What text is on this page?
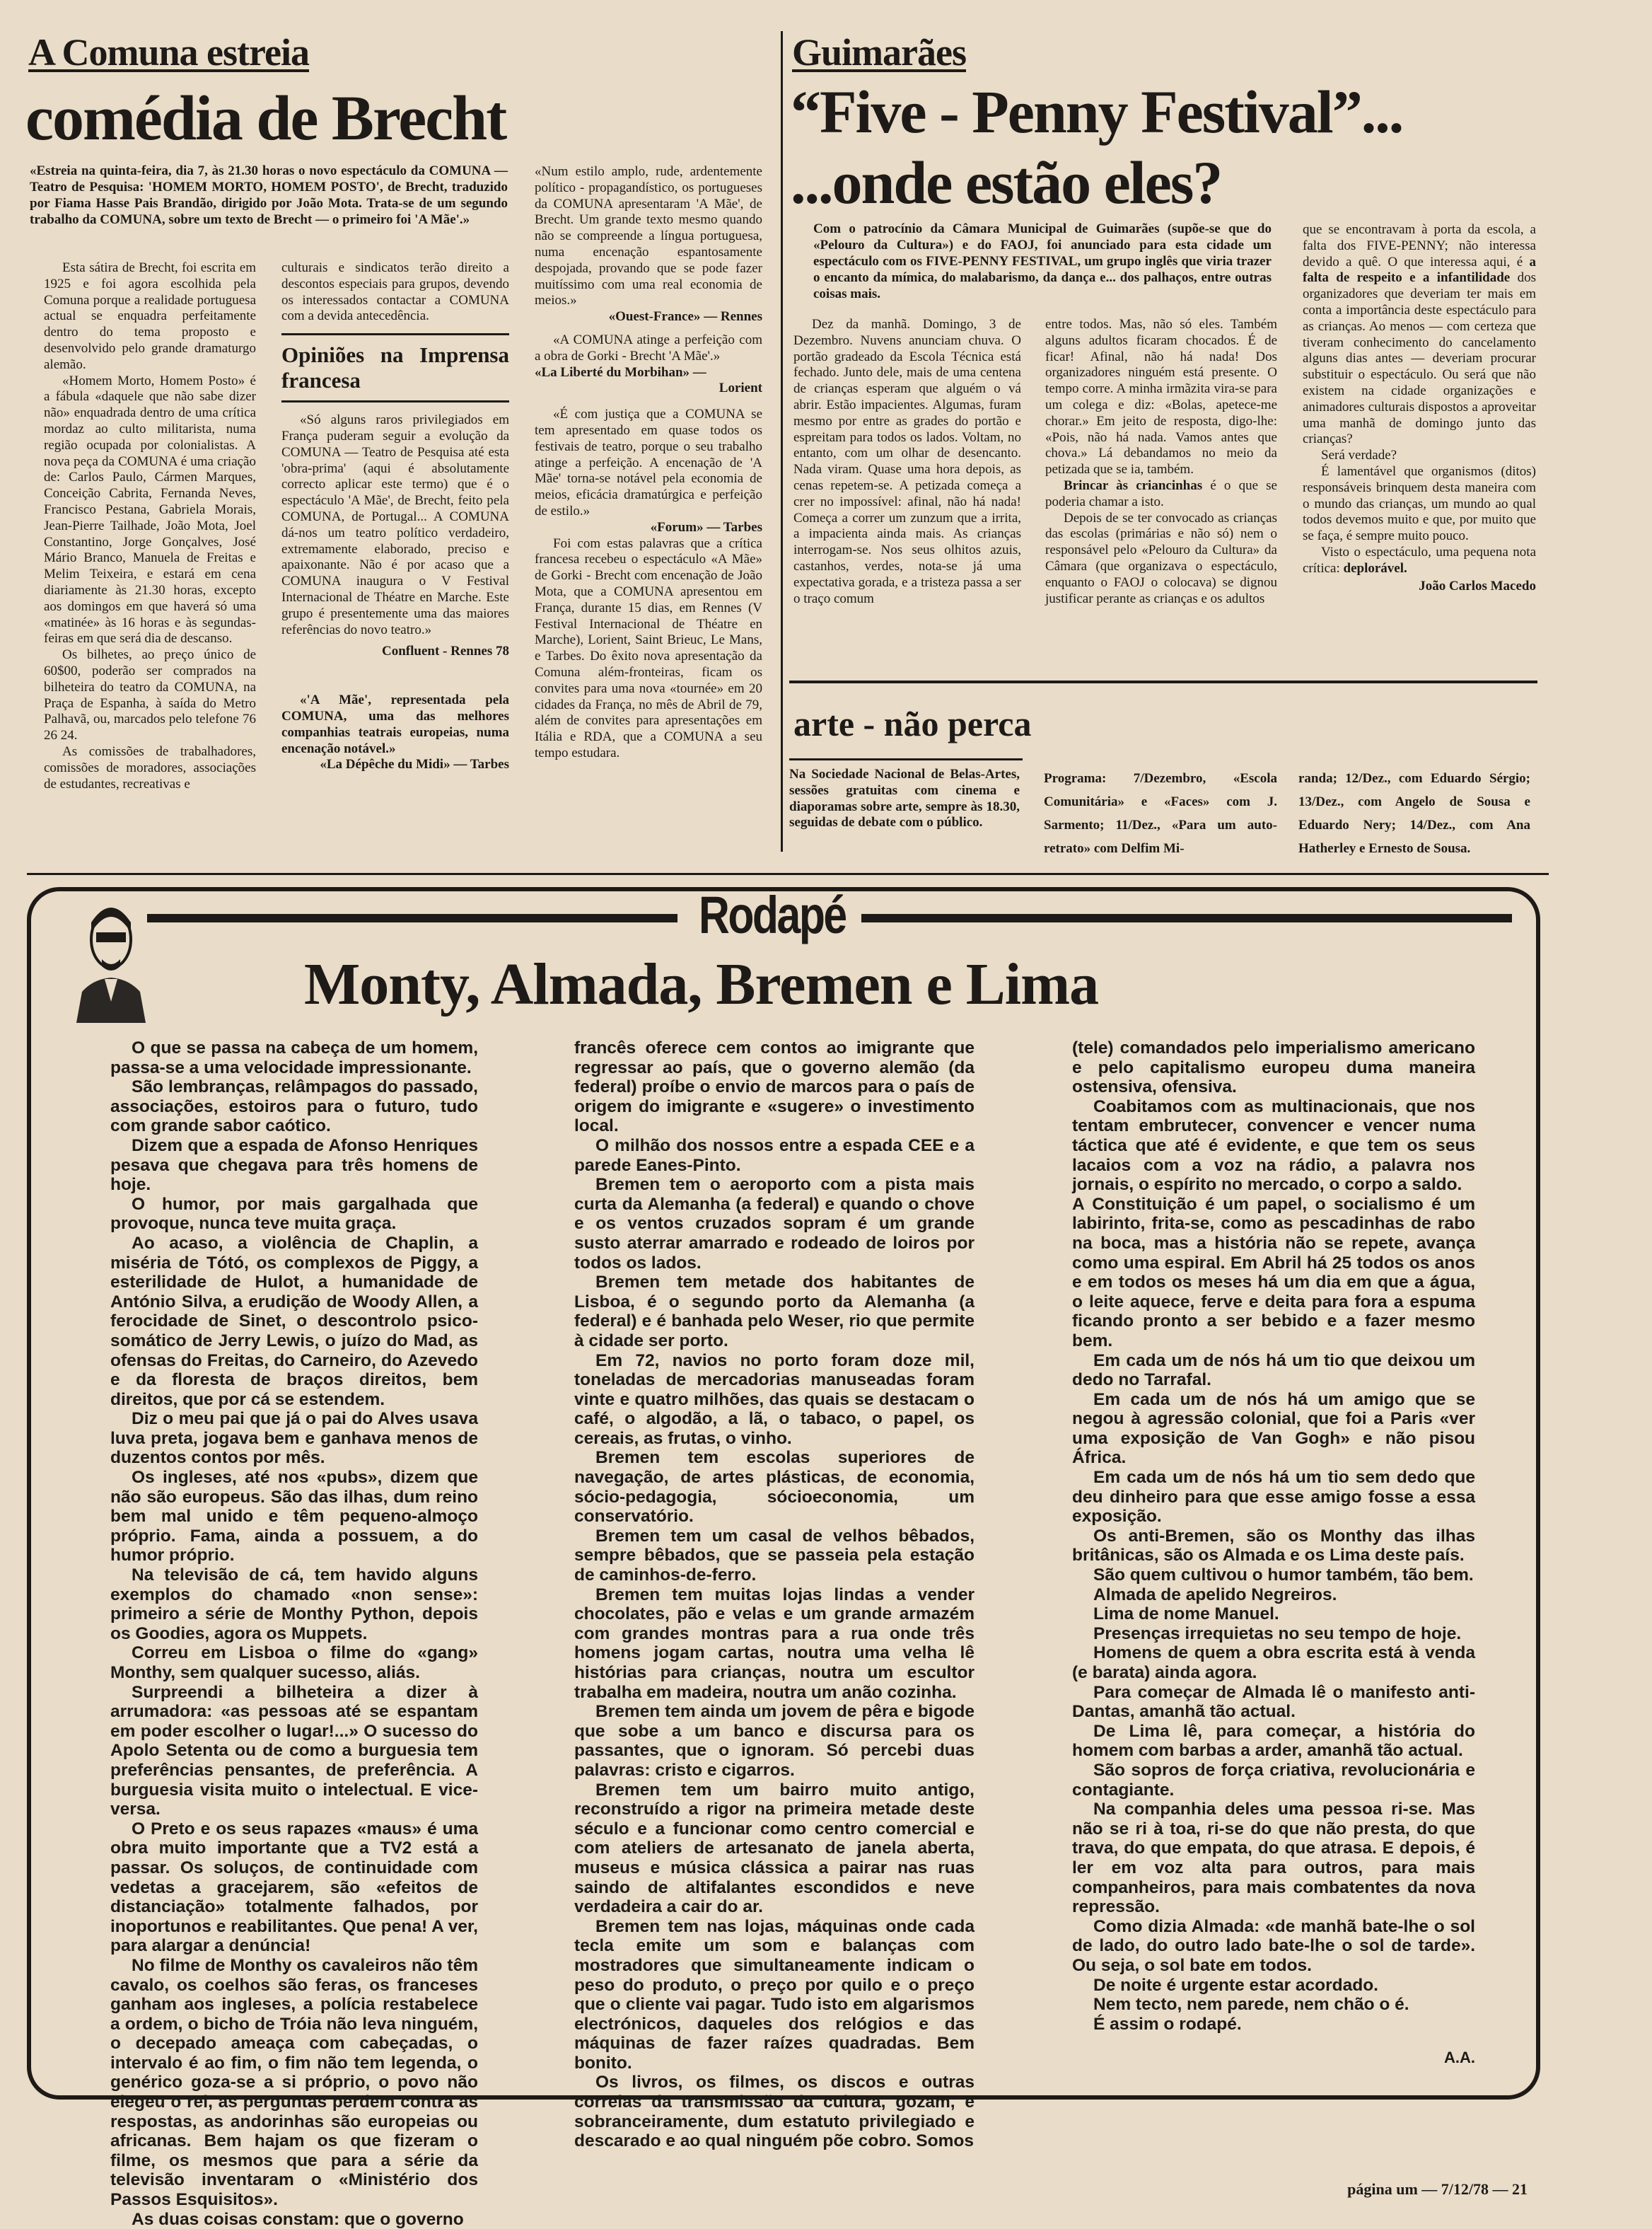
A Comuna estreia
comédia de Brecht
«Estreia na quinta-feira, dia 7, às 21.30 horas o novo espectáculo da COMUNA — Teatro de Pesquisa: 'HOMEM MORTO, HOMEM POSTO', de Brecht, traduzido por Fiama Hasse Pais Brandão, dirigido por João Mota. Trata-se de um segundo trabalho da COMUNA, sobre um texto de Brecht — o primeiro foi 'A Mãe'.»

Esta sátira de Brecht, foi escrita em 1925 e foi agora escolhida pela Comuna porque a realidade portuguesa actual se enquadra perfeitamente dentro do tema proposto e desenvolvido pelo grande dramaturgo alemão.

«Homem Morto, Homem Posto» é a fábula «daquele que não sabe dizer não» enquadrada dentro de uma crítica mordaz ao culto militarista, numa região ocupada por colonialistas. A nova peça da COMUNA é uma criação de: Carlos Paulo, Cármen Marques, Conceição Cabrita, Fernanda Neves, Francisco Pestana, Gabriela Morais, Jean-Pierre Tailhade, João Mota, Joel Constantino, Jorge Gonçalves, José Mário Branco, Manuela de Freitas e Melim Teixeira, e estará em cena diariamente às 21.30 horas, excepto aos domingos em que haverá só uma «matinée» às 16 horas e às segundas-feiras em que será dia de descanso.

Os bilhetes, ao preço único de 60$00, poderão ser comprados na bilheteira do teatro da COMUNA, na Praça de Espanha, à saída do Metro Palhavã, ou, marcados pelo telefone 76 26 24.

As comissões de trabalhadores, comissões de moradores, associações de estudantes, recreativas e

culturais e sindicatos terão direito a descontos especiais para grupos, devendo os interessados contactar a COMUNA com a devida antecedência.

Opiniões na Imprensa francesa

«Só alguns raros privilegiados em França puderam seguir a evolução da COMUNA — Teatro de Pesquisa até esta 'obra-prima' (aqui é absolutamente correcto aplicar este termo) que é o espectáculo 'A Mãe', de Brecht, feito pela COMUNA, de Portugal... A COMUNA dá-nos um teatro político verdadeiro, extremamente elaborado, preciso e apaixonante. Não é por acaso que a COMUNA inaugura o V Festival Internacional de Théatre en Marche. Este grupo é presentemente uma das maiores referências do novo teatro.»

Confluent - Rennes 78

«'A Mãe', representada pela COMUNA, uma das melhores companhias teatrais europeias, numa encenação notável.»

«La Dépêche du Midi» — Tarbes

«Num estilo amplo, rude, ardentemente político - propagandístico, os portugueses da COMUNA apresentaram 'A Mãe', de Brecht. Um grande texto mesmo quando não se compreende a língua portuguesa, numa encenação espantosamente despojada, provando que se pode fazer muitíssimo com uma real economia de meios.»

«Ouest-France» — Rennes

«A COMUNA atinge a perfeição com a obra de Gorki - Brecht 'A Mãe'.»

«La Liberté du Morbihan» —
Lorient

«É com justiça que a COMUNA se tem apresentado em quase todos os festivais de teatro, porque o seu trabalho atinge a perfeição. A encenação de 'A Mãe' torna-se notável pela economia de meios, eficácia dramatúrgica e perfeição de estilo.»

«Forum» — Tarbes

Foi com estas palavras que a crítica francesa recebeu o espectáculo «A Mãe» de Gorki - Brecht com encenação de João Mota, que a COMUNA apresentou em França, durante 15 dias, em Rennes (V Festival Internacional de Théatre en Marche), Lorient, Saint Brieuc, Le Mans, e Tarbes. Do êxito nova apresentação da Comuna além-fronteiras, ficam os convites para uma nova «tournée» em 20 cidades da França, no mês de Abril de 79, além de convites para apresentações em Itália e RDA, que a COMUNA a seu tempo estudara.

Guimarães
“Five - Penny Festival”...
...onde estão eles?
Com o patrocínio da Câmara Municipal de Guimarães (supõe-se que do «Pelouro da Cultura») e do FAOJ, foi anunciado para esta cidade um espectáculo com os FIVE-PENNY FESTIVAL, um grupo inglês que viria trazer o encanto da mímica, do malabarismo, da dança e... dos palhaços, entre outras coisas mais.

Dez da manhã. Domingo, 3 de Dezembro. Nuvens anunciam chuva. O portão gradeado da Escola Técnica está fechado. Junto dele, mais de uma centena de crianças esperam que alguém o vá abrir. Estão impacientes. Algumas, furam mesmo por entre as grades do portão e espreitam para todos os lados. Voltam, no entanto, com um olhar de desencanto. Nada viram. Quase uma hora depois, as cenas repetem-se. A petizada começa a crer no impossível: afinal, não há nada! Começa a correr um zunzum que a irrita, a impacienta ainda mais. As crianças interrogam-se. Nos seus olhitos azuis, castanhos, verdes, nota-se já uma expectativa gorada, e a tristeza passa a ser o traço comum

entre todos. Mas, não só eles. Também alguns adultos ficaram chocados. É de ficar! Afinal, não há nada! Dos organizadores ninguém está presente. O tempo corre. A minha irmãzita vira-se para um colega e diz: «Bolas, apetece-me chorar.» Em jeito de resposta, digo-lhe: «Pois, não há nada. Vamos antes que chova.» Lá debandamos no meio da petizada que se ia, também.

Brincar às criancinhas é o que se poderia chamar a isto.

Depois de se ter convocado as crianças das escolas (primárias e não só) nem o responsável pelo «Pelouro da Cultura» da Câmara (que organizava o espectáculo, enquanto o FAOJ o colocava) se dignou justificar perante as crianças e os adultos

que se encontravam à porta da escola, a falta dos FIVE-PENNY; não interessa devido a quê. O que interessa aqui, é a falta de respeito e a infantilidade dos organizadores que deveriam ter mais em conta a importância deste espectáculo para as crianças. Ao menos — com certeza que tiveram conhecimento do cancelamento alguns dias antes — deveriam procurar substituir o espectáculo. Ou será que não existem na cidade organizações e animadores culturais dispostos a aproveitar uma manhã de domingo junto das crianças?

Será verdade?

É lamentável que organismos (ditos) responsáveis brinquem desta maneira com o mundo das crianças, um mundo ao qual todos devemos muito e que, por muito que se faça, é sempre muito pouco.

Visto o espectáculo, uma pequena nota crítica: deplorável.

João Carlos Macedo
arte - não perca
Na Sociedade Nacional de Belas-Artes, sessões gratuitas com cinema e diaporamas sobre arte, sempre às 18.30, seguidas de debate com o público.
Programa: 7/Dezembro, «Escola Comunitária» e «Faces» com J. Sarmento; 11/Dez., «Para um auto-retrato» com Delfim Mi-
randa; 12/Dez., com Eduardo Sérgio; 13/Dez., com Angelo de Sousa e Eduardo Nery; 14/Dez., com Ana Hatherley e Ernesto de Sousa.
Rodapé
Monty, Almada, Bremen e Lima

O que se passa na cabeça de um homem, passa-se a uma velocidade impressionante.

São lembranças, relâmpagos do passado, associações, estoiros para o futuro, tudo com grande sabor caótico.

Dizem que a espada de Afonso Henriques pesava que chegava para três homens de hoje.

O humor, por mais gargalhada que provoque, nunca teve muita graça.

Ao acaso, a violência de Chaplin, a miséria de Tótó, os complexos de Piggy, a esterilidade de Hulot, a humanidade de António Silva, a erudição de Woody Allen, a ferocidade de Sinet, o descontrolo psico-somático de Jerry Lewis, o juízo do Mad, as ofensas do Freitas, do Carneiro, do Azevedo e da floresta de braços direitos, bem direitos, que por cá se estendem.

Diz o meu pai que já o pai do Alves usava luva preta, jogava bem e ganhava menos de duzentos contos por mês.

Os ingleses, até nos «pubs», dizem que não são europeus. São das ilhas, dum reino bem mal unido e têm pequeno-almoço próprio. Fama, ainda a possuem, a do humor próprio.

Na televisão de cá, tem havido alguns exemplos do chamado «non sense»: primeiro a série de Monthy Python, depois os Goodies, agora os Muppets.

Correu em Lisboa o filme do «gang» Monthy, sem qualquer sucesso, aliás.

Surpreendi a bilheteira a dizer à arrumadora: «as pessoas até se espantam em poder escolher o lugar!...» O sucesso do Apolo Setenta ou de como a burguesia tem preferências pensantes, de preferência. A burguesia visita muito o intelectual. E vice-versa.

O Preto e os seus rapazes «maus» é uma obra muito importante que a TV2 está a passar. Os soluços, de continuidade com vedetas a gracejarem, são «efeitos de distanciação» totalmente falhados, por inoportunos e reabilitantes. Que pena! A ver, para alargar a denúncia!

No filme de Monthy os cavaleiros não têm cavalo, os coelhos são feras, os franceses ganham aos ingleses, a polícia restabelece a ordem, o bicho de Tróia não leva ninguém, o decepado ameaça com cabeçadas, o intervalo é ao fim, o fim não tem legenda, o genérico goza-se a si próprio, o povo não elegeu o rei, as perguntas perdem contra as respostas, as andorinhas são europeias ou africanas. Bem hajam os que fizeram o filme, os mesmos que para a série da televisão inventaram o «Ministério dos Passos Esquisitos».

As duas coisas constam: que o governo

francês oferece cem contos ao imigrante que regressar ao país, que o governo alemão (da federal) proíbe o envio de marcos para o país de origem do imigrante e «sugere» o investimento local.

O milhão dos nossos entre a espada CEE e a parede Eanes-Pinto.

Bremen tem o aeroporto com a pista mais curta da Alemanha (a federal) e quando o chove e os ventos cruzados sopram é um grande susto aterrar amarrado e rodeado de loiros por todos os lados.

Bremen tem metade dos habitantes de Lisboa, é o segundo porto da Alemanha (a federal) e é banhada pelo Weser, rio que permite à cidade ser porto.

Em 72, navios no porto foram doze mil, toneladas de mercadorias manuseadas foram vinte e quatro milhões, das quais se destacam o café, o algodão, a lã, o tabaco, o papel, os cereais, as frutas, o vinho.

Bremen tem escolas superiores de navegação, de artes plásticas, de economia, sócio-pedagogia, sócioeconomia, um conservatório.

Bremen tem um casal de velhos bêbados, sempre bêbados, que se passeia pela estação de caminhos-de-ferro.

Bremen tem muitas lojas lindas a vender chocolates, pão e velas e um grande armazém com grandes montras para a rua onde três homens jogam cartas, noutra uma velha lê histórias para crianças, noutra um escultor trabalha em madeira, noutra um anão cozinha.

Bremen tem ainda um jovem de pêra e bigode que sobe a um banco e discursa para os passantes, que o ignoram. Só percebi duas palavras: cristo e cigarros.

Bremen tem um bairro muito antigo, reconstruído a rigor na primeira metade deste século e a funcionar como centro comercial e com ateliers de artesanato de janela aberta, museus e música clássica a pairar nas ruas saindo de altifalantes escondidos e neve verdadeira a cair do ar.

Bremen tem nas lojas, máquinas onde cada tecla emite um som e balanças com mostradores que simultaneamente indicam o peso do produto, o preço por quilo e o preço que o cliente vai pagar. Tudo isto em algarismos electrónicos, daqueles dos relógios e das máquinas de fazer raízes quadradas. Bem bonito.

Os livros, os filmes, os discos e outras correias da transmissão da cultura, gozam, e sobranceiramente, dum estatuto privilegiado e descarado e ao qual ninguém põe cobro. Somos

(tele) comandados pelo imperialismo americano e pelo capitalismo europeu duma maneira ostensiva, ofensiva.

Coabitamos com as multinacionais, que nos tentam embrutecer, convencer e vencer numa táctica que até é evidente, e que tem os seus lacaios com a voz na rádio, a palavra nos jornais, o espírito no mercado, o corpo a saldo.

A Constituição é um papel, o socialismo é um labirinto, frita-se, como as pescadinhas de rabo na boca, mas a história não se repete, avança como uma espiral. Em Abril há 25 todos os anos e em todos os meses há um dia em que a água, o leite aquece, ferve e deita para fora a espuma ficando pronto a ser bebido e a fazer mesmo bem.

Em cada um de nós há um tio que deixou um dedo no Tarrafal.

Em cada um de nós há um amigo que se negou à agressão colonial, que foi a Paris «ver uma exposição de Van Gogh» e não pisou África.

Em cada um de nós há um tio sem dedo que deu dinheiro para que esse amigo fosse a essa exposição.

Os anti-Bremen, são os Monthy das ilhas britânicas, são os Almada e os Lima deste país.

São quem cultivou o humor também, tão bem.

Almada de apelido Negreiros.

Lima de nome Manuel.

Presenças irrequietas no seu tempo de hoje.

Homens de quem a obra escrita está à venda (e barata) ainda agora.

Para começar de Almada lê o manifesto anti-Dantas, amanhã tão actual.

De Lima lê, para começar, a história do homem com barbas a arder, amanhã tão actual.

São sopros de força criativa, revolucionária e contagiante.

Na companhia deles uma pessoa ri-se. Mas não se ri à toa, ri-se do que não presta, do que trava, do que empata, do que atrasa. E depois, é ler em voz alta para outros, para mais companheiros, para mais combatentes da nova repressão.

Como dizia Almada: «de manhã bate-lhe o sol de lado, do outro lado bate-lhe o sol de tarde». Ou seja, o sol bate em todos.

De noite é urgente estar acordado.

Nem tecto, nem parede, nem chão o é.

É assim o rodapé.

A.A.
página um — 7/12/78 — 21
